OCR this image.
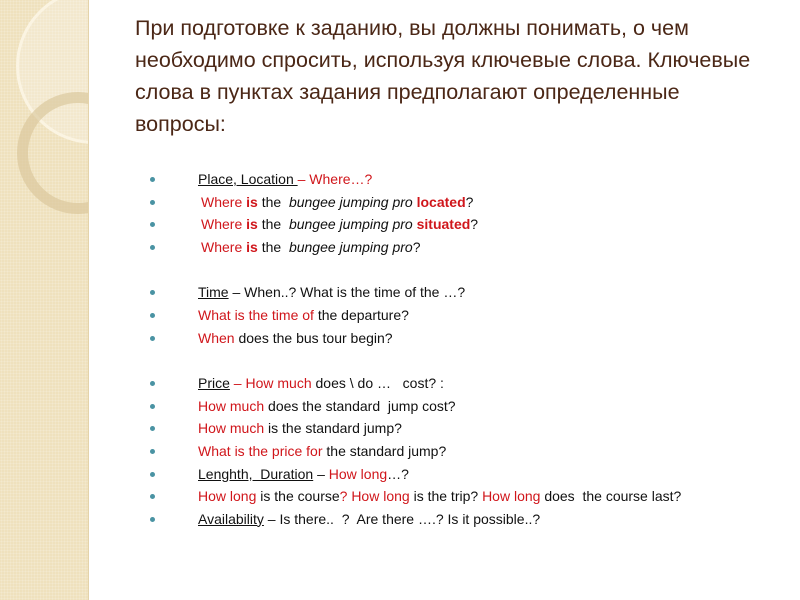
При подготовке к заданию, вы должны понимать, о чем необходимо спросить, используя ключевые слова. Ключевые слова в пунктах задания предполагают определенные вопросы:
Place, Location – Where…?
Where is the  bungee jumping pro located?
Where is the  bungee jumping pro situated?
Where is the  bungee jumping pro?
Time – When..? What is the time of the …?
What is the time of the departure?
When does the bus tour begin?
Price – How much does \ do …   cost? :
How much does the standard  jump cost?
How much is the standard jump?
What is the price for the standard jump?
Lenghth,  Duration – How long…?
How long is the course? How long is the trip? How long does  the course last?
Availability – Is there..  ?  Are there ….? Is it possible..?
